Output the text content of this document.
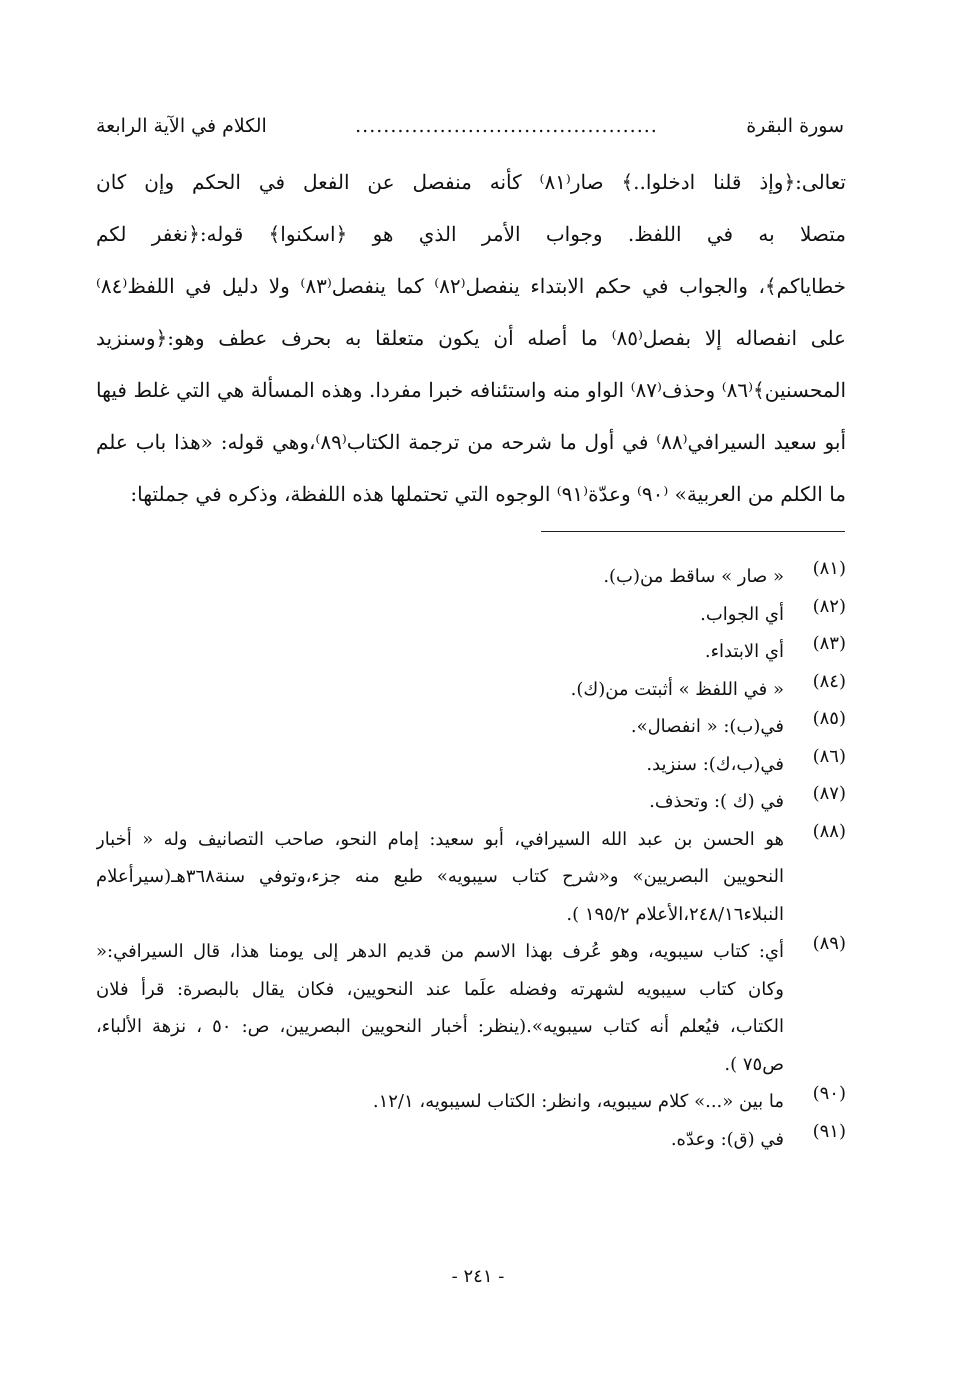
سورة البقرة
...........................................
الكلام في الآية الرابعة
تعالى:﴿وإذ قلنا ادخلوا..﴾ صار⁽٨١⁾ كأنه منفصل عن الفعل في الحكم وإن كان
متصلا به في اللفظ. وجواب الأمر الذي هو ﴿اسكنوا﴾ قوله:﴿نغفر لكم
خطاياكم﴾، والجواب في حكم الابتداء ينفصل⁽٨٢⁾ كما ينفصل⁽٨٣⁾ ولا دليل في اللفظ⁽٨٤⁾
على انفصاله إلا بفصل⁽٨٥⁾ ما أصله أن يكون متعلقا به بحرف عطف وهو:﴿وسنزيد
المحسنين﴾⁽٨٦⁾ وحذف⁽٨٧⁾ الواو منه واستئنافه خبرا مفردا. وهذه المسألة هي التي غلط فيها
أبو سعيد السيرافي⁽٨٨⁾ في أول ما شرحه من ترجمة الكتاب⁽٨٩⁾،وهي قوله: «هذا باب علم
ما الكلم من العربية» ⁽٩٠⁾ وعدّة⁽٩١⁾ الوجوه التي تحتملها هذه اللفظة، وذكره في جملتها:
(٨١)
« صار » ساقط من(ب).
(٨٢)
أي الجواب.
(٨٣)
أي الابتداء.
(٨٤)
« في اللفظ » أثبتت من(ك).
(٨٥)
في(ب): « انفصال».
(٨٦)
في(ب،ك): سنزيد.
(٨٧)
في (ك ): وتحذف.
(٨٨)
هو الحسن بن عبد الله السيرافي، أبو سعيد: إمام النحو، صاحب التصانيف وله « أخبار
النحويين البصريين» و«شرح كتاب سيبويه» طبع منه جزء،وتوفي سنة٣٦٨هـ(سيرأعلام
النبلاء٢٤٨/١٦،الأعلام ١٩٥/٢ ).
(٨٩)
أي: كتاب سيبويه، وهو عُرف بهذا الاسم من قديم الدهر إلى يومنا هذا، قال السيرافي:«
وكان كتاب سيبويه لشهرته وفضله علَما عند النحويين، فكان يقال بالبصرة: قرأ فلان
الكتاب، فيُعلم أنه كتاب سيبويه».(ينظر: أخبار النحويين البصريين، ص: ٥٠ ، نزهة الألباء،
ص٧٥ ).
(٩٠)
ما بين «...» كلام سيبويه، وانظر: الكتاب لسيبويه، ١٢/١.
(٩١)
في (ق): وعدّه.
- ٢٤١ -
